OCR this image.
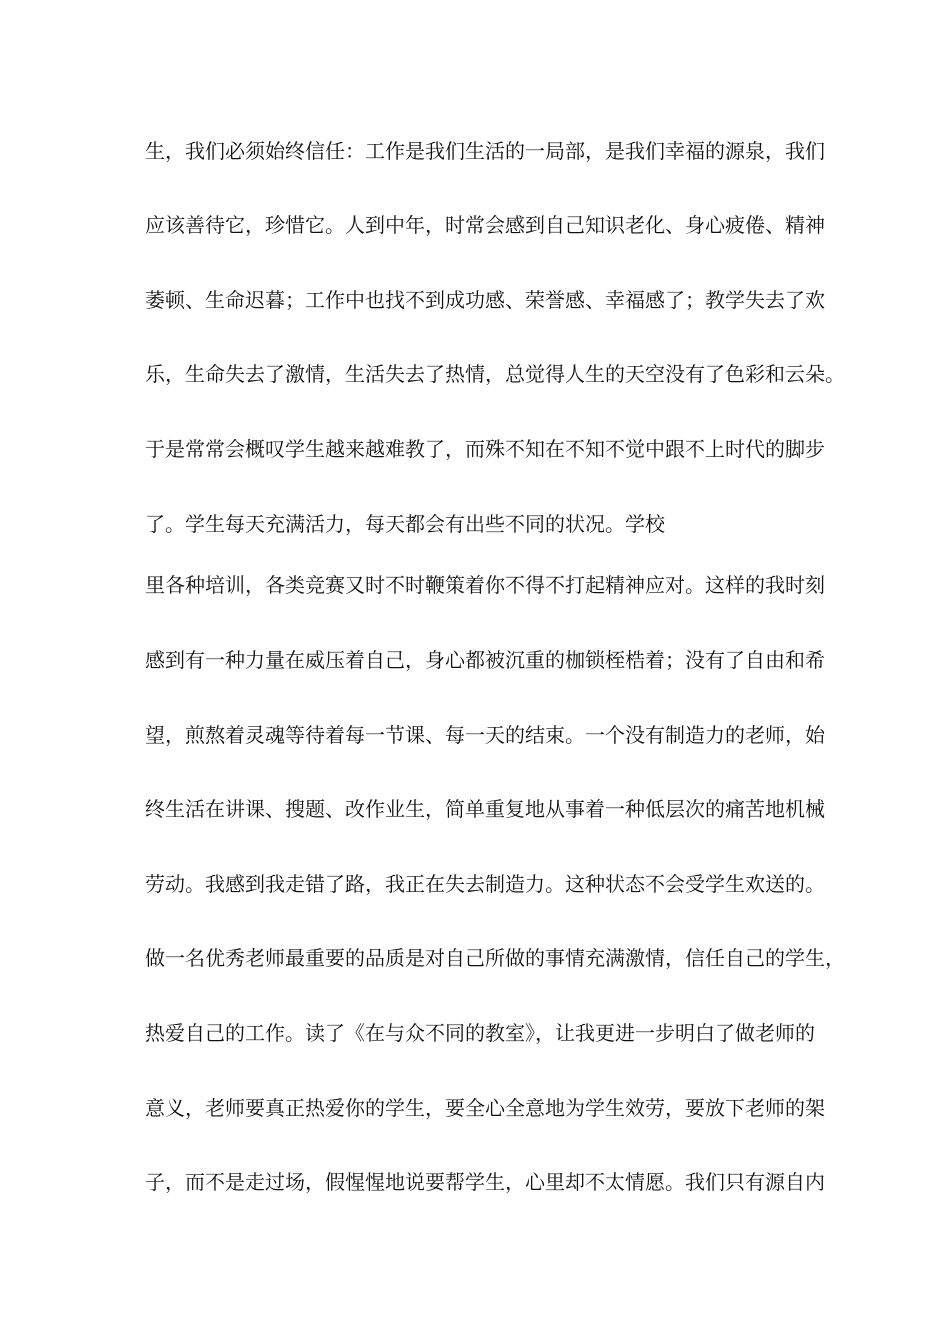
生，我们必须始终信任：工作是我们生活的一局部，是我们幸福的源泉，我们
应该善待它，珍惜它。人到中年，时常会感到自己知识老化、身心疲倦、精神
萎顿、生命迟暮；工作中也找不到成功感、荣誉感、幸福感了；教学失去了欢
乐，生命失去了激情，生活失去了热情，总觉得人生的天空没有了色彩和云朵。
于是常常会概叹学生越来越难教了，而殊不知在不知不觉中跟不上时代的脚步
了。学生每天充满活力，每天都会有出些不同的状况。学校
里各种培训，各类竞赛又时不时鞭策着你不得不打起精神应对。这样的我时刻
感到有一种力量在威压着自己，身心都被沉重的枷锁桎梏着；没有了自由和希
望，煎熬着灵魂等待着每一节课、每一天的结束。一个没有制造力的老师，始
终生活在讲课、搜题、改作业生，简单重复地从事着一种低层次的痛苦地机械
劳动。我感到我走错了路，我正在失去制造力。这种状态不会受学生欢送的。
做一名优秀老师最重要的品质是对自己所做的事情充满激情，信任自己的学生，
热爱自己的工作。读了《在与众不同的教室》，让我更进一步明白了做老师的
意义，老师要真正热爱你的学生，要全心全意地为学生效劳，要放下老师的架
子，而不是走过场，假惺惺地说要帮学生，心里却不太情愿。我们只有源自内
